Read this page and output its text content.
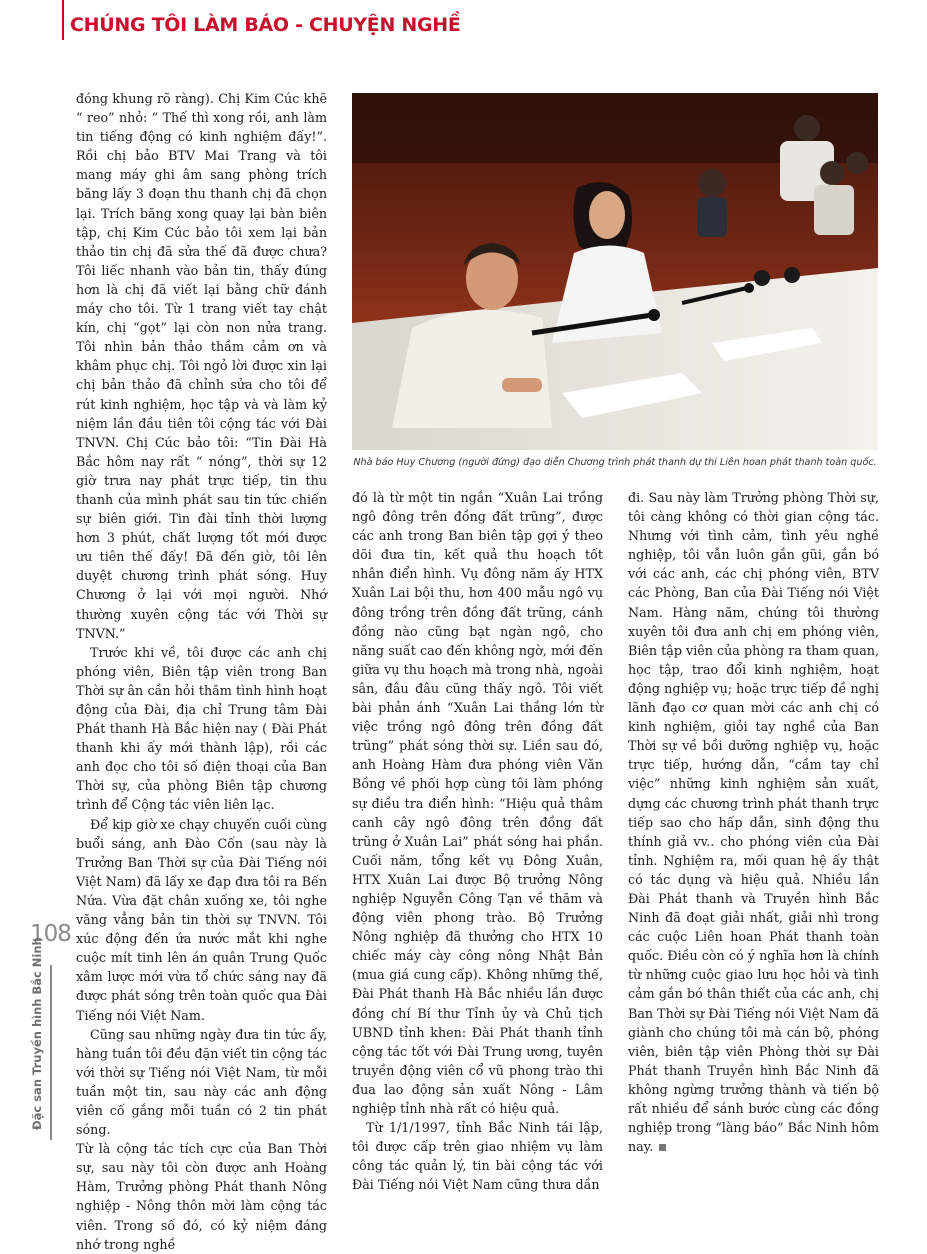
CHÚNG TÔI LÀM BÁO - CHUYỆN NGHỀ
108
Đặc san Truyền hình Bắc Ninh

Nhà báo Huy Chương (người đứng) đạo diễn Chương trình phát thanh dự thi Liên hoan phát thanh toàn quốc.

đóng khung rõ ràng). Chị Kim Cúc khẽ “ reo” nhỏ: “ Thế thì xong rồi, anh làm tin tiếng động có kinh nghiệm đấy!”. Rồi chị bảo BTV Mai Trang và tôi mang máy ghi âm sang phòng trích băng lấy 3 đoạn thu thanh chị đã chọn lại. Trích băng xong quay lại bàn biên tập, chị Kim Cúc bảo tôi xem lại bản thảo tin chị đã sửa thế đã được chưa? Tôi liếc nhanh vào bản tin, thấy đúng hơn là chị đã viết lại bằng chữ đánh máy cho tôi. Từ 1 trang viết tay chật kín, chị “gọt” lại còn non nửa trang. Tôi nhìn bản thảo thầm cảm ơn và khâm phục chị. Tôi ngỏ lời được xin lại chị bản thảo đã chỉnh sửa cho tôi để rút kinh nghiệm, học tập và và làm kỷ niệm lần đầu tiên tôi cộng tác với Đài TNVN. Chị Cúc bảo tôi: “Tin Đài Hà Bắc hôm nay rất “ nóng”, thời sự 12 giờ trưa nay phát trực tiếp, tin thu thanh của mình phát sau tin tức chiến sự biên giới. Tin đài tỉnh thời lượng hơn 3 phút, chất lượng tốt mới được ưu tiên thế đấy! Đã đến giờ, tôi lên duyệt chương trình phát sóng. Huy Chương ở lại với mọi người. Nhớ thường xuyên cộng tác với Thời sự TNVN.”

Trước khi về, tôi được các anh chị phóng viên, Biên tập viên trong Ban Thời sự ân cần hỏi thăm tình hình hoạt động của Đài, địa chỉ Trung tâm Đài Phát thanh Hà Bắc hiện nay ( Đài Phát thanh khi ấy mới thành lập), rồi các anh đọc cho tôi số điện thoại của Ban Thời sự, của phòng Biên tập chương trình để Cộng tác viên liên lạc.

Để kịp giờ xe chạy chuyến cuối cùng buổi sáng, anh Đào Cốn (sau này là Trưởng Ban Thời sự của Đài Tiếng nói Việt Nam) đã lấy xe đạp đưa tôi ra Bến Nứa. Vừa đặt chân xuống xe, tôi nghe văng vẳng bản tin thời sự TNVN. Tôi xúc động đến ứa nước mắt khi nghe cuộc mít tinh lên án quân Trung Quốc xâm lược mới vừa tổ chức sáng nay đã được phát sóng trên toàn quốc qua Đài Tiếng nói Việt Nam.

Cũng sau những ngày đưa tin tức ấy, hàng tuần tôi đều đặn viết tin cộng tác với thời sự Tiếng nói Việt Nam, từ mỗi tuần một tin, sau này các anh động viên cố gắng mỗi tuần có 2 tin phát sóng.

Từ là cộng tác tích cực của Ban Thời sự, sau này tôi còn được anh Hoàng Hàm, Trưởng phòng Phát thanh Nông nghiệp - Nông thôn mời làm cộng tác viên. Trong số đó, có kỷ niệm đáng nhớ trong nghề

đó là từ một tin ngắn “Xuân Lai trồng ngô đông trên đồng đất trũng”, được các anh trong Ban biên tập gợi ý theo dõi đưa tin, kết quả thu hoạch tốt nhân điển hình. Vụ đông năm ấy HTX Xuân Lai bội thu, hơn 400 mẫu ngô vụ đông trồng trên đồng đất trũng, cánh đồng nào cũng bạt ngàn ngô, cho năng suất cao đến không ngờ, mới đến giữa vụ thu hoạch mà trong nhà, ngoài sân, đâu đâu cũng thấy ngô. Tôi viết bài phản ánh “Xuân Lai thắng lớn từ việc trồng ngô đông trên đồng đất trũng” phát sóng thời sự. Liền sau đó, anh Hoàng Hàm đưa phóng viên Văn Bồng về phối hợp cùng tôi làm phóng sự điều tra điển hình: “Hiệu quả thâm canh cây ngô đông trên đồng đất trũng ở Xuân Lai” phát sóng hai phần. Cuối năm, tổng kết vụ Đông Xuân, HTX Xuân Lai được Bộ trưởng Nông nghiệp Nguyễn Công Tạn về thăm và động viên phong trào. Bộ Trưởng Nông nghiệp đã thưởng cho HTX 10 chiếc máy cày công nông Nhật Bản (mua giá cung cấp). Không những thế, Đài Phát thanh Hà Bắc nhiều lần được đồng chí Bí thư Tỉnh ủy và Chủ tịch UBND tỉnh khen: Đài Phát thanh tỉnh cộng tác tốt với Đài Trung ương, tuyên truyền động viên cổ vũ phong trào thi đua lao động sản xuất Nông - Lâm nghiệp tỉnh nhà rất có hiệu quả.

Từ 1/1/1997, tỉnh Bắc Ninh tái lập, tôi được cấp trên giao nhiệm vụ làm công tác quản lý, tin bài cộng tác với Đài Tiếng nói Việt Nam cũng thưa dần

đi. Sau này làm Trưởng phòng Thời sự, tôi càng không có thời gian cộng tác. Nhưng với tình cảm, tình yêu nghề nghiệp, tôi vẫn luôn gắn gũi, gắn bó với các anh, các chị phóng viên, BTV các Phòng, Ban của Đài Tiếng nói Việt Nam. Hàng năm, chúng tôi thường xuyên tôi đưa anh chị em phóng viên, Biên tập viên của phòng ra tham quan, học tập, trao đổi kinh nghiệm, hoạt động nghiệp vụ; hoặc trực tiếp đề nghị lãnh đạo cơ quan mời các anh chị có kinh nghiệm, giỏi tay nghề của Ban Thời sự về bồi dưỡng nghiệp vụ, hoặc trực tiếp, hướng dẫn, “cầm tay chỉ việc” những kinh nghiệm sản xuất, dựng các chương trình phát thanh trực tiếp sao cho hấp dẫn, sinh động thu thính giả vv.. cho phóng viên của Đài tỉnh. Nghiệm ra, mối quan hệ ấy thật có tác dụng và hiệu quả. Nhiều lần Đài Phát thanh và Truyền hình Bắc Ninh đã đoạt giải nhất, giải nhì trong các cuộc Liên hoan Phát thanh toàn quốc. Điều còn có ý nghĩa hơn là chính từ những cuộc giao lưu học hỏi và tình cảm gắn bó thân thiết của các anh, chị Ban Thời sự Đài Tiếng nói Việt Nam đã giành cho chúng tôi mà cán bộ, phóng viên, biên tập viên Phòng thời sự Đài Phát thanh Truyền hình Bắc Ninh đã không ngừng trưởng thành và tiến bộ rất nhiều để sánh bước cùng các đồng nghiệp trong “làng báo” Bắc Ninh hôm nay.
